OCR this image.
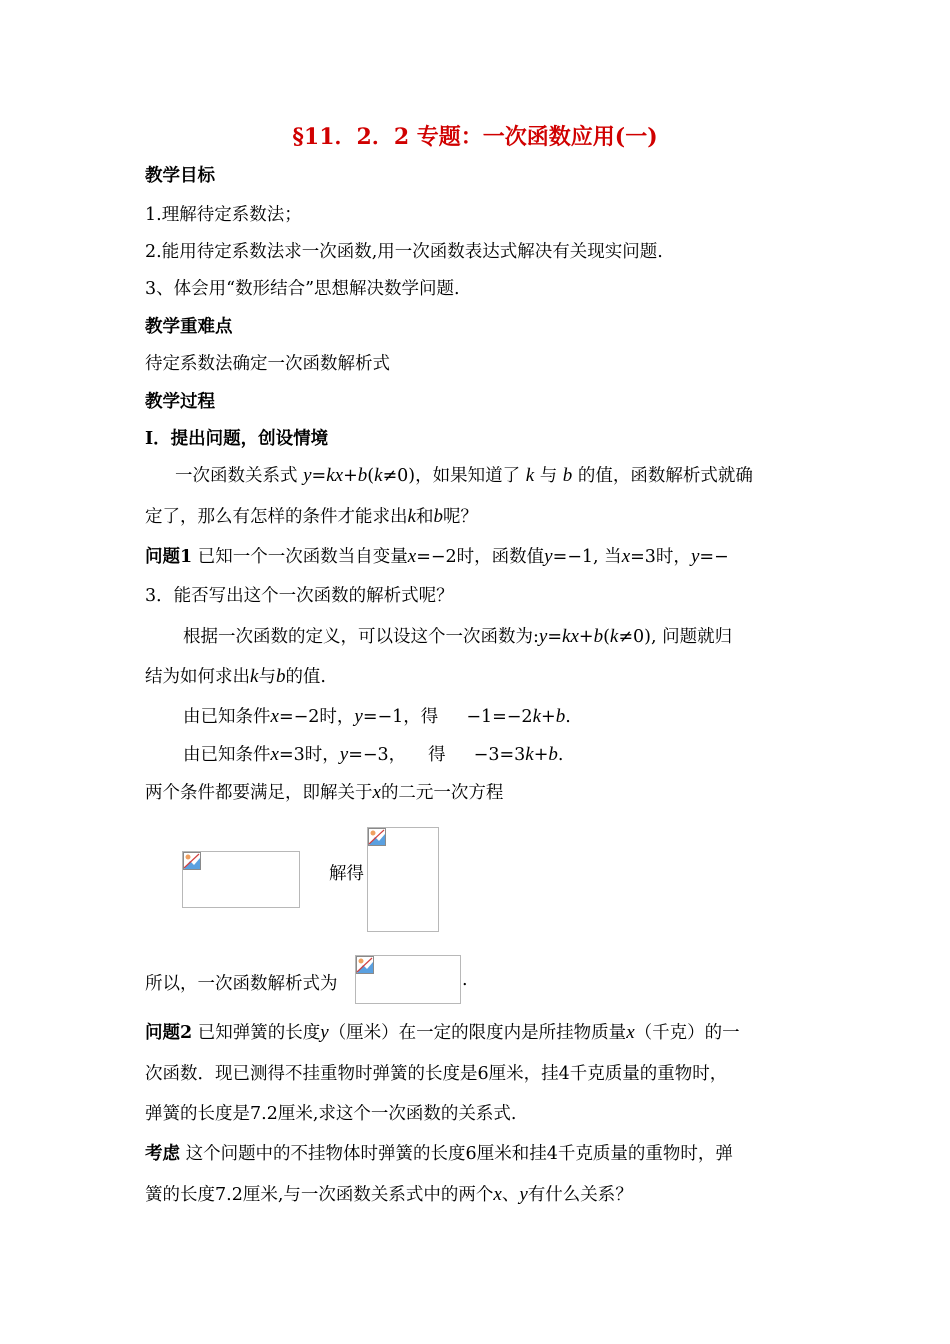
§11．2．2 专题：一次函数应用(一)
教学目标
1.理解待定系数法；
2.能用待定系数法求一次函数,用一次函数表达式解决有关现实问题.
3、体会用“数形结合”思想解决数学问题.
教学重难点
待定系数法确定一次函数解析式
教学过程
Ⅰ．提出问题，创设情境
一次函数关系式 y=kx+b(k≠0)，如果知道了 k 与 b 的值，函数解析式就确
定了，那么有怎样的条件才能求出k和b呢？
问题1 已知一个一次函数当自变量x=−2时，函数值y=−1, 当x=3时，y=−
3．能否写出这个一次函数的解析式呢？
根据一次函数的定义，可以设这个一次函数为:y=kx+b(k≠0), 问题就归
结为如何求出k与b的值.
由已知条件x=−2时，y=−1，得 −1=−2k+b.
由已知条件x=3时，y=−3， 得 −3=3k+b.
两个条件都要满足，即解关于x的二元一次方程
解得
所以，一次函数解析式为	.
问题2 已知弹簧的长度y（厘米）在一定的限度内是所挂物质量x（千克）的一
次函数．现已测得不挂重物时弹簧的长度是6厘米，挂4千克质量的重物时，
弹簧的长度是7.2厘米,求这个一次函数的关系式.
考虑 这个问题中的不挂物体时弹簧的长度6厘米和挂4千克质量的重物时，弹
簧的长度7.2厘米,与一次函数关系式中的两个x、y有什么关系？
